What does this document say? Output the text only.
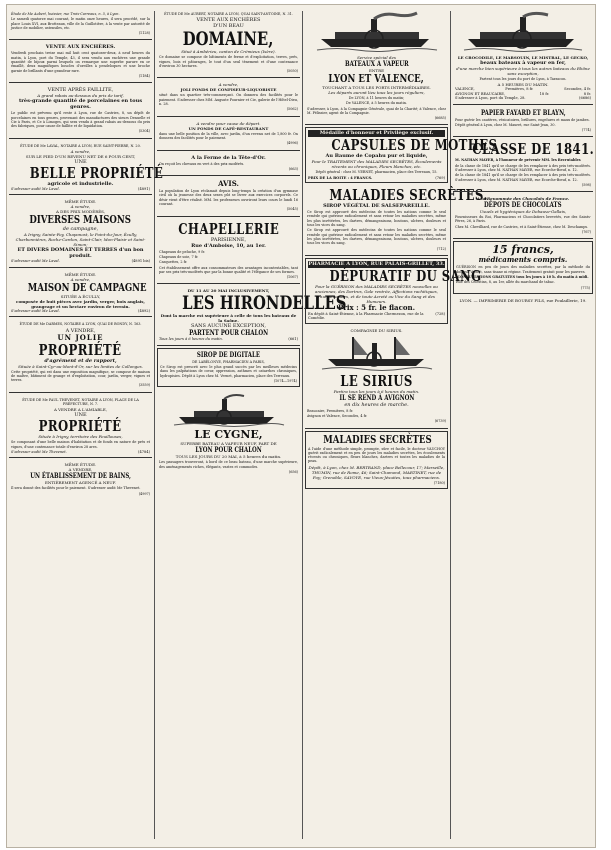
Étude de Me Aubert, huissier, rue Trois-Carreaux, n. 5, à Lyon.
Le samedi quatorze mai courant, le matin onze heures, il sera procédé, sur la place Louis XVI, aux Brotteaux, ville de la Guillotière, à la vente par autorité de justice de mobilier, ustensiles, etc.
(1128)
VENTE AUX ENCHÈRES.
Vendredi prochain treize mai mil huit cent quatorze-deux, à neuf heures du matin, à Lyon, port du Temple, 43, il sera vendu aux enchères une grande quantité de bijoux parmi lesquels on remarque une superbe parure en or émaillé, deux magnifiques boucles d'oreilles à pendeloques et une broche garnie de brillants d'une grandeur rare.
(1184)
VENTE APRÈS FAILLITE,
A grand rabais au-dessous du prix de tarif,
très-grande quantité de porcelaines en tous genres.
Le public est prévenu qu'il reste à Lyon, rue de Castries, 8, un dépôt de porcelaines en tous genres, provenant des manufactures des sieurs Denuelle et Cie à Paris, et Ce à Limoges, qui sera vendu à grand rabais au-dessous du prix des fabriques, pour cause de faillite et de liquidation.
(5304)
ÉTUDE DE Me LAVAL, NOTAIRE A LYON, RUE SAINT-PIERRE, N. 20.
A vendre,
SUR LE PIED D'UN REVENU NET DE 6 POUR CENT,
UNE
BELLE PROPRIÉTÉ
agricole et industrielle.
S'adresser audit Me Laval.	(4891)
MÊME ÉTUDE.
A vendre,
A DES PRIX MODÉRÉS,
DIVERSES MAISONS
de campagne,
A Irigny, Sainte-Foy, Chaponost, le Point-du-Jour, Écully, Charbonnières, Roche-Cardon, Saint-Clair, Mon-Plaisir et Saint-Simon;
ET DIVERS DOMAINES ET TERRES d'un bon produit.
S'adresser audit Me Laval.	(4891 bis)
MÊME ÉTUDE.
A vendre,
MAISON DE CAMPAGNE
SITUÉE A ÉCULLY,
composée de huit pièces avec jardin, verger, bois anglais, grangeage et un hectare environ de terrain.
S'adresser audit Me Laval.	(4892)
ÉTUDE DE Me DARMES, NOTAIRE A LYON, QUAI DE BONDY, N. 163.
A VENDRE,
UN JOLIE
PROPRIÉTÉ
d'agrément et de rapport,
Située à Saint-Cyr-au-Mont-d'Or, sur les limites de Collonges.
Cette propriété, qui est dans une exposition magnifique, se compose de maison de maître, bâtiment de grange et d'exploitation, cour, jardin, verger, vignes et terres.
(3559)
ÉTUDE DE Me PAUL THEVENET, NOTAIRE A LYON, PLACE DE LA PRÉFECTURE, N. 7.
A VENDRE A L'AMIABLE,
UNE
PROPRIÉTÉ
Située à Irigny, territoire des Feuillouses,
Se composant d'une belle maison d'habitation et de fonds en nature de prés et vignes, d'une contenance totale d'environ 28 ares.
S'adresser audit Me Thevenet.	(4784)
MÊME ÉTUDE.
A VENDRE,
UN ÉTABLISSEMENT DE BAINS,
ENTIÈREMENT AGENCÉ A NEUF.
Il sera donné des facilités pour le paiement. S'adresser audit Me Thevenet.
(4997)
ÉTUDE DE Me AUBERT, NOTAIRE A LYON, QUAI SAINT-ANTOINE, N. 31.
VENTE AUX ENCHÈRES
D'UN BEAU
DOMAINE,
Situé à Ambérieu, canton de Crémieux (Isère).
Ce domaine se compose de bâtiments de ferme et d'exploitation, terres, prés, vignes, bois et pâturages, le tout d'un seul tènement et d'une contenance d'environ 30 hectares.
(5050)
A vendre,
JOLI FONDS DE CONFISEUR-LIQUORISTE
situé dans un quartier très-commerçant. On donnera des facilités pour le paiement. S'adresser chez MM. Auguste Fournier et Cie, galerie de l'Hôtel-Dieu, n. 28.
(5062)
A vendre pour cause de départ.
UN FONDS DE CAFÉ-RESTAURANT
dans une belle position de la ville, avec jardin, d'un revenu net de 1,800 fr. On donnera des facilités pour le paiement.
(4996)
A la Ferme de la Tête-d'Or.
On reçoit les chevaux en vert à des prix modérés.
(663)
AVIS.
La population de Lyon réclamait depuis long-temps la création d'un gymnase civil où la jeunesse des deux sexes pût se livrer aux exercices corporels. Ce désir vient d'être réalisé. MM. les professeurs ouvriront leurs cours le lundi 16 courant.
(5045)
CHAPELLERIE
PARISIENNE,
Rue d'Amboise, 10, au 1er.
Chapeaux de peluche, 9 fr.
Chapeaux de soie, 7 fr.
Casquettes, 2 fr.
Cet établissement offre aux consommateurs des avantages incontestables, tant par ses prix très-modérés que par la bonne qualité et l'élégance de ses formes.
(1067)
DU 11 AU 20 MAI INCLUSIVEMENT,
LES HIRONDELLES
Dont la marche est supérieure à celle de tous les bateaux de la Saône.
SANS AUCUNE EXCEPTION,
PARTENT POUR CHALON
Tous les jours à 6 heures du matin.	(661)
SIROP DE DIGITALE
DE LABÉLONYE, PHARMACIEN A PARIS,
Ce Sirop est prescrit avec le plus grand succès par les meilleurs médecins dans les palpitations de cœur, oppression, asthmes et catarrhes chroniques, hydropisies. Dépôt à Lyon chez M. Vernet, pharmacien, place des Terreaux.
(1074—1974)
LE CYGNE,
SUPERBE BATEAU A VAPEUR NEUF, PART DE
LYON POUR CHALON
TOUS LES JOURS DU 20 MAI, à 5 heures du matin.
Les passagers trouveront, à bord de ce beau bateau, d'une marche supérieure, des aménagements riches, élégants, vastes et commodes.
(656)
Service spécial des
BATEAUX A VAPEUR
ENTRE
LYON ET VALENCE,
TOUCHANT A TOUS LES PORTS INTERMÉDIAIRES.
Les départs auront lieu tous les jours réguliers,
De LYON, à 11 heures du matin;
De VALENCE, à 5 heures du matin.
S'adresser, à Lyon, à la Compagnie Générale, quai de la Charité; à Valence, chez M. Pélissier, agent de la Compagnie.
(6685)
Médaille d'honneur et Privilège exclusif.
CAPSULES DE MOTHES
Au Baume de Copahu pur et liquide,
Pour le TRAITEMENT des MALADIES SECRÈTES, Écoulements récents ou chroniques, Fleurs blanches, etc.
Dépôt général : chez M. VERNET, pharmacien, place des Terreaux, 15.
PRIX DE LA BOITE : 4 FRANCS.	(769)
MALADIES SECRÈTES.
SIROP VÉGÉTAL DE SALSEPAREILLE.
Ce Sirop est approuvé des médecins de toutes les nations comme le seul remède qui guérisse radicalement et sans retour les maladies secrètes, même les plus invétérées, les dartres, démangeaisons, boutons, ulcères, douleurs et tous les vices du sang.
Ce Sirop est approuvé des médecins de toutes les nations comme le seul remède qui guérisse radicalement et sans retour les maladies secrètes, même les plus invétérées, les dartres, démangeaisons, boutons, ulcères, douleurs et tous les vices du sang.
(712)
PHARMACIE A LYON, RUE PALAIS-GRILLET, 33.
DÉPURATIF DU SANG
Pour la GUÉRISON des MALADIES SECRÈTES nouvelles ou anciennes, des Dartres, Gale rentrée, Affections rachitiques, rhumatismales, et de toute Acreté ou Vice du Sang et des Humeurs.
Prix : 5 fr. le flacon.
En dépôt à Saint-Étienne, à la Pharmacie Chermezon, rue de la Comédie.
(728)
COMPAGNIE DU SIRIUS.
LE SIRIUS
Partira tous les jours à 6 heures du matin.
IL SE REND À AVIGNON
en dix heures de marche.
Beaucaire, Premières, 8 fr.
Avignon et Valence, Secondes, 4 fr.
(6739)
MALADIES SECRÈTES
A l'aide d'une méthode simple, prompte, sûre et facile, le docteur VAUCHOY guérit radicalement et en peu de jours les maladies secrètes, les écoulements récents ou chroniques, fleurs blanches, dartres et toutes les maladies de la peau.
Dépôt, à Lyon, chez M. BERTRAND, place Bellecour, 17; Marseille, THUMIN, rue de Rome, 46; Saint-Chamond, MARTINET, rue de Foy; Grenoble, SAVOYE, rue Vieux-Jésuites, tous pharmaciens.
(7180)
LE CROCODILE, LE MARSOUIN, LE MISTRAL, LE GECKO,
beaux bateaux à vapeur en fer,
d'une marche bien supérieure à tous les autres bateaux du Rhône sans exception,
Partent tous les jours du port de Lyon, à Tarascon.
A 5 HEURES DU MATIN.
VALENCE,	Premières, 8 fr.	Secondes, 4 fr.
AVIGNON ET BEAUCAIRE,	18 fr.	8 fr.
S'adresser à Lyon, port du Temple, 28.	(6686)
PAPIER FAYARD ET BLAYN,
Pour guérir les cautères, vésicatoires, brûlures, engelures et maux de jambes.
Dépôt général à Lyon, chez M. Mauret, rue Saint-Jean, 30.
(774)
CLASSE DE 1841.
M. NATHAN MAYER, à l'honneur de prévenir MM. les Recrutables
de la classe de 1841 qu'il se charge de les remplacer à des prix très-modérés. S'adresser à Lyon, chez M. NATHAN MAYER, rue Ecorche-Bœuf, n. 12.
de la classe de 1841 qu'il se charge de les remplacer à des prix très-modérés. S'adresser à Lyon, chez M. NATHAN MAYER, rue Ecorche-Bœuf, n. 12.
(598)
A la Renommée des Chocolats de France.
DÉPOTS DE CHOCOLATS
Usuels et hygiéniques de Debauve-Gallais,
Fournisseurs du Roi, Pharmaciens et Chocolatiers brevetés, rue des Saints-Pères, 26, à Paris.
Chez M. Chevilliard, rue de Castries, et à Saint-Étienne, chez M. Deschamps.
(767)
15 francs,
médicaments compris.
GUÉRISON en peu de jours des maladies secrètes, par la méthode du docteur Vernet, sans tisane ni régime. Traitement gratuit pour les pauvres.
CONSULTATIONS GRATUITES tous les jours à 10 h. du matin à midi.
Rue des Célestins, 8, au 1er, allée du marchand de tabac.
(775)
LYON. — IMPRIMERIE DE BOURSY FILS, rue Poulaillerie, 19.
